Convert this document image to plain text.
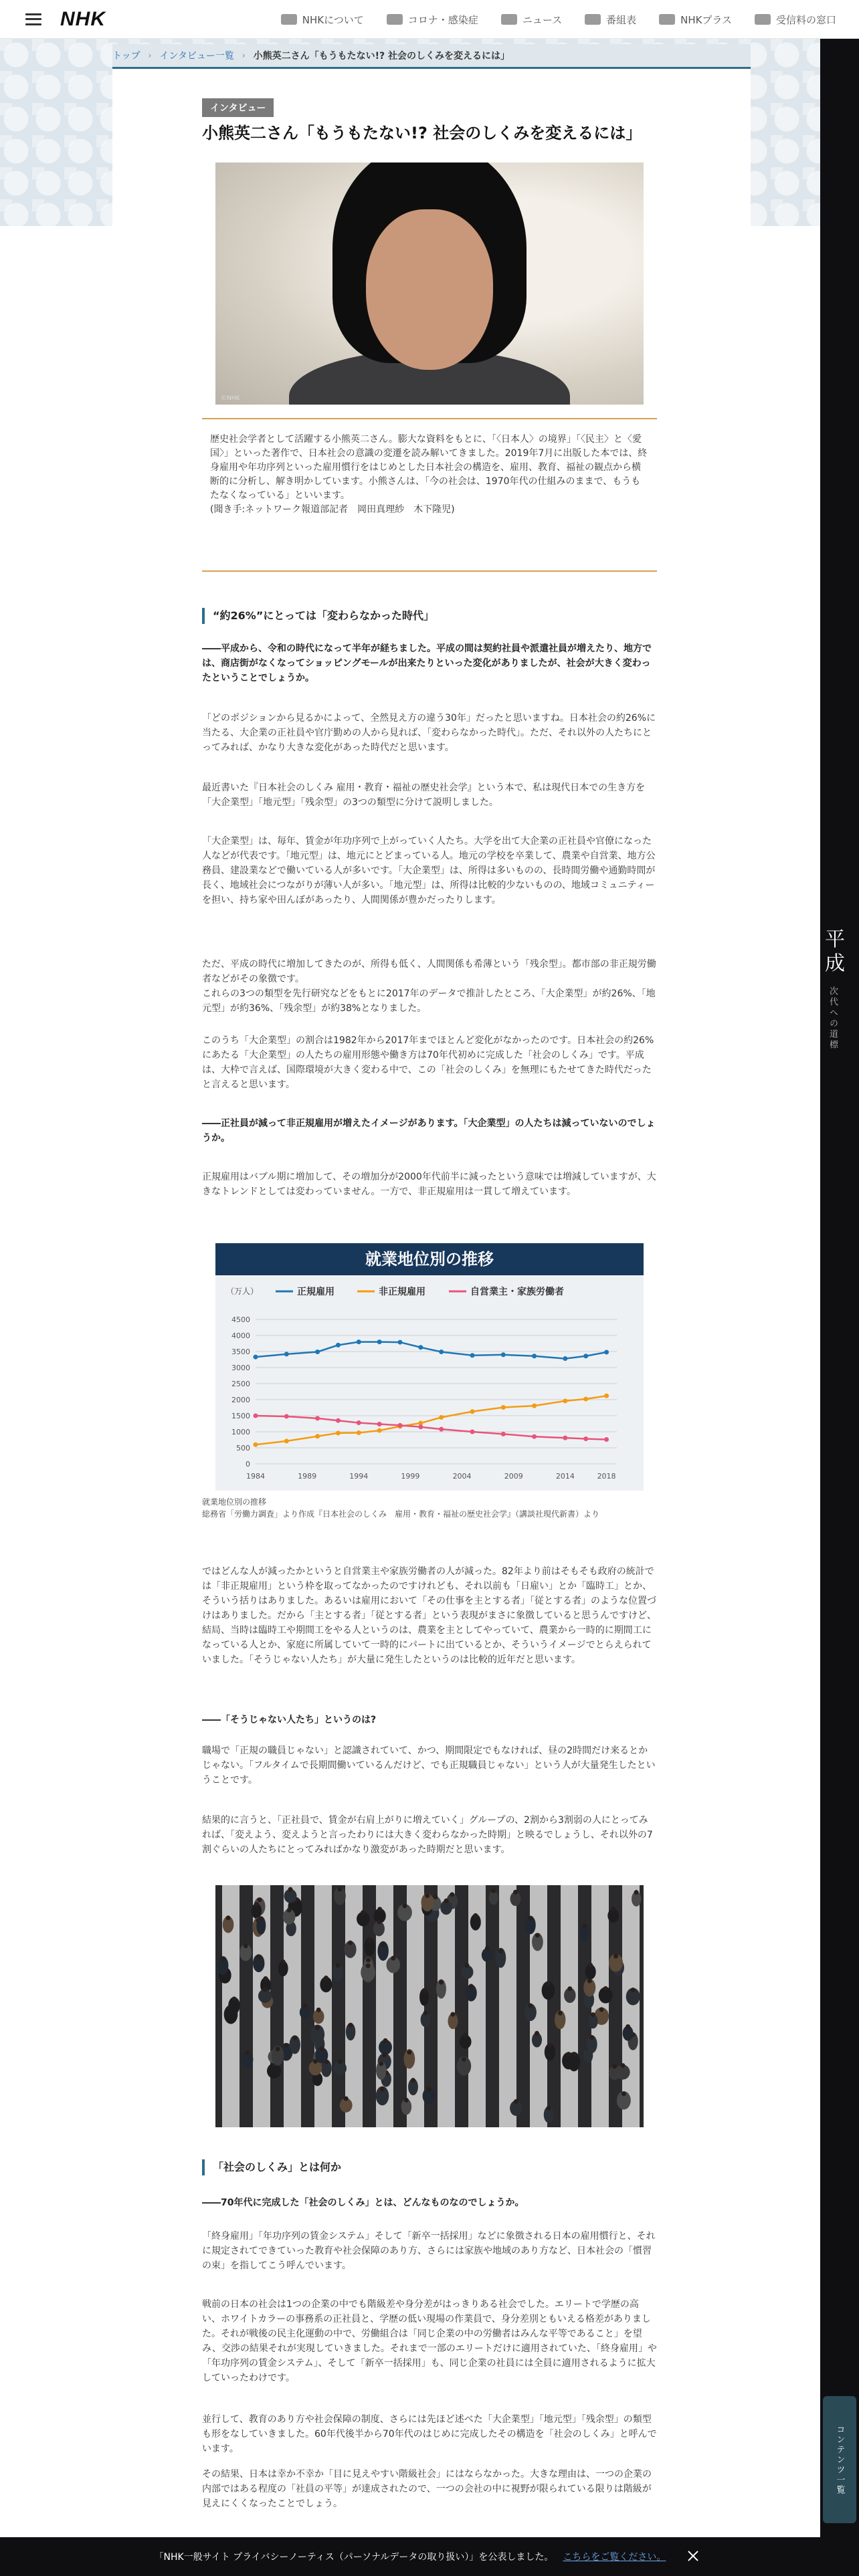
NHK	NHKについて	コロナ・感染症	ニュース	番組表	NHKプラス	受信料の窓口
平成 次代への道標
コンテンツ一覧
トップ › インタビュー一覧 › 小熊英二さん「もうもたない!? 社会のしくみを変えるには」
インタビュー
小熊英二さん「もうもたない!? 社会のしくみを変えるには」
©NHK

歴史社会学者として活躍する小熊英二さん。膨大な資料をもとに、「〈日本人〉の境界」「〈民主〉と〈愛国〉」といった著作で、日本社会の意識の変遷を読み解いてきました。2019年7月に出版した本では、終身雇用や年功序列といった雇用慣行をはじめとした日本社会の構造を、雇用、教育、福祉の観点から横断的に分析し、解き明かしています。小熊さんは、「今の社会は、1970年代の仕組みのままで、もうもたなくなっている」といいます。
(聞き手:ネットワーク報道部記者　岡田真理紗　木下隆児)

“約26%”にとっては「変わらなかった時代」

――平成から、令和の時代になって半年が経ちました。平成の間は契約社員や派遣社員が増えたり、地方では、商店街がなくなってショッピングモールが出来たりといった変化がありましたが、社会が大きく変わったということでしょうか。

「どのポジションから見るかによって、全然見え方の違う30年」だったと思いますね。日本社会の約26%に当たる、大企業の正社員や官庁勤めの人から見れば、「変わらなかった時代」。ただ、それ以外の人たちにとってみれば、かなり大きな変化があった時代だと思います。

最近書いた『日本社会のしくみ 雇用・教育・福祉の歴史社会学』という本で、私は現代日本での生き方を「大企業型」「地元型」「残余型」の3つの類型に分けて説明しました。

「大企業型」は、毎年、賃金が年功序列で上がっていく人たち。大学を出て大企業の正社員や官僚になった人などが代表です。「地元型」は、地元にとどまっている人。地元の学校を卒業して、農業や自営業、地方公務員、建設業などで働いている人が多いです。「大企業型」は、所得は多いものの、長時間労働や通勤時間が長く、地域社会につながりが薄い人が多い。「地元型」は、所得は比較的少ないものの、地域コミュニティーを担い、持ち家や田んぼがあったり、人間関係が豊かだったりします。

ただ、平成の時代に増加してきたのが、所得も低く、人間関係も希薄という「残余型」。都市部の非正規労働者などがその象徴です。
これらの3つの類型を先行研究などをもとに2017年のデータで推計したところ、「大企業型」が約26%、「地元型」が約36%、「残余型」が約38%となりました。

このうち「大企業型」の割合は1982年から2017年までほとんど変化がなかったのです。日本社会の約26%にあたる「大企業型」の人たちの雇用形態や働き方は70年代初めに完成した「社会のしくみ」です。平成は、大枠で言えば、国際環境が大きく変わる中で、この「社会のしくみ」を無理にもたせてきた時代だったと言えると思います。

――正社員が減って非正規雇用が増えたイメージがあります。「大企業型」の人たちは減っていないのでしょうか。

正規雇用はバブル期に増加して、その増加分が2000年代前半に減ったという意味では増減していますが、大きなトレンドとしては変わっていません。一方で、非正規雇用は一貫して増えています。

就業地位別の推移
（万人）	正規雇用	非正規雇用	自営業主・家族労働者
0
500
1000
1500
2000
2500
3000
3500
4000
4500
1984	1989	1994	1999	2004	2009	2014	2018

就業地位別の推移
総務省「労働力調査」より作成『日本社会のしくみ　雇用・教育・福祉の歴史社会学』（講談社現代新書）より

ではどんな人が減ったかというと自営業主や家族労働者の人が減った。82年より前はそもそも政府の統計では「非正規雇用」という枠を取ってなかったのですけれども、それ以前も「日雇い」とか「臨時工」とか、そういう括りはありました。あるいは雇用において「その仕事を主とする者」「従とする者」のような位置づけはありました。だから「主とする者」「従とする者」という表現がまさに象徴していると思うんですけど、結局、当時は臨時工や期間工をやる人というのは、農業を主としてやっていて、農業から一時的に期間工になっている人とか、家庭に所属していて一時的にパートに出ているとか、そういうイメージでとらえられていました。「そうじゃない人たち」が大量に発生したというのは比較的近年だと思います。

――「そうじゃない人たち」というのは?

職場で「正規の職員じゃない」と認識されていて、かつ、期間限定でもなければ、昼の2時間だけ来るとかじゃない。「フルタイムで長期間働いているんだけど、でも正規職員じゃない」という人が大量発生したということです。

結果的に言うと、「正社員で、賃金が右肩上がりに増えていく」グループの、2割から3割弱の人にとってみれば、「変えよう、変えようと言ったわりには大きく変わらなかった時期」と映るでしょうし、それ以外の7割ぐらいの人たちにとってみればかなり激変があった時期だと思います。

「社会のしくみ」とは何か

――70年代に完成した「社会のしくみ」とは、どんなものなのでしょうか。

「終身雇用」「年功序列の賃金システム」そして「新卒一括採用」などに象徴される日本の雇用慣行と、それに規定されてできていった教育や社会保障のあり方、さらには家族や地域のあり方など、日本社会の「慣習の束」を指してこう呼んでいます。

戦前の日本の社会は1つの企業の中でも階級差や身分差がはっきりある社会でした。エリートで学歴の高い、ホワイトカラーの事務系の正社員と、学歴の低い現場の作業員で、身分差別ともいえる格差がありました。それが戦後の民主化運動の中で、労働組合は「同じ企業の中の労働者はみんな平等であること」を望み、交渉の結果それが実現していきました。それまで一部のエリートだけに適用されていた、「終身雇用」や「年功序列の賃金システム」、そして「新卒一括採用」も、同じ企業の社員には全員に適用されるように拡大していったわけです。

並行して、教育のあり方や社会保障の制度、さらには先ほど述べた「大企業型」「地元型」「残余型」の類型も形をなしていきました。60年代後半から70年代のはじめに完成したその構造を「社会のしくみ」と呼んでいます。

その結果、日本は幸か不幸か「目に見えやすい階級社会」にはならなかった。大きな理由は、一つの企業の内部ではある程度の「社員の平等」が達成されたので、一つの会社の中に視野が限られている限りは階級が見えにくくなったことでしょう。

「NHK一般サイト プライバシーノーティス（パーソナルデータの取り扱い）」を公表しました。 こちらをご覧ください。
